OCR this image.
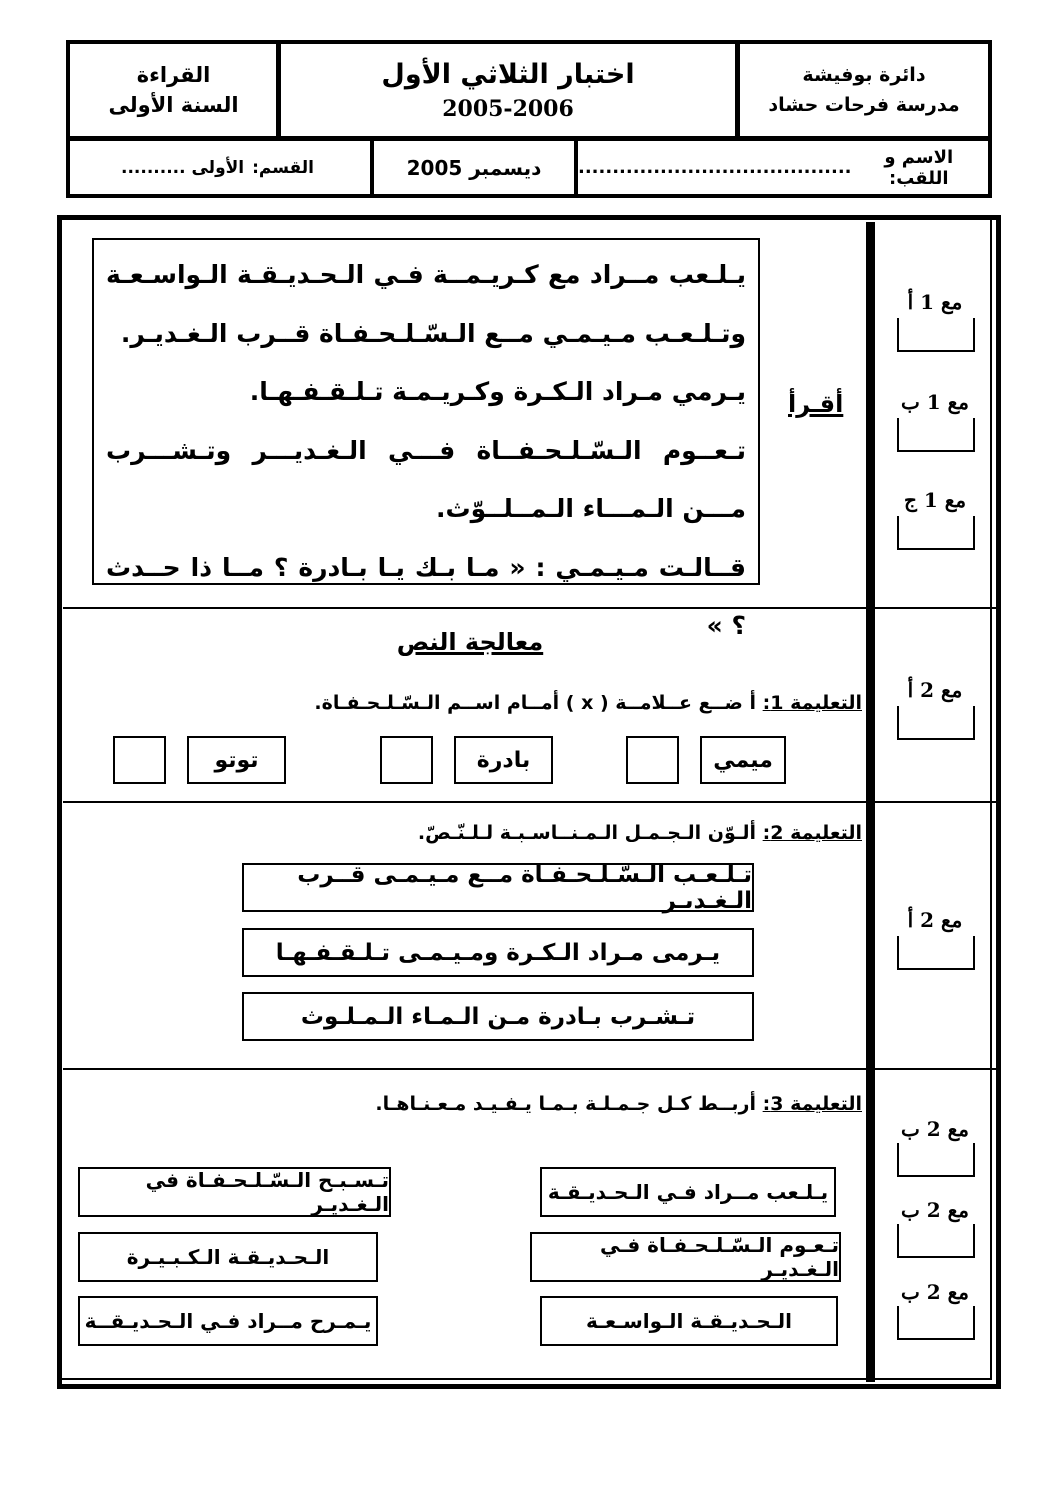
دائرة بوفيشة
مدرسة فرحات حشاد
اختبار الثلاثي الأول
2005-2006
القراءة
السنة الأولى
الاسم و اللقب:
........................................
ديسمبر 2005
القسم:
الأولى ..........

يـلـعب مــراد مع كـريـمــة فـي الـحـديـقـة الـواسـعـة وتـلـعـب مـيـمـي مــع الـسّـلـحـفـاة قــرب الـغـديـر.

يـرمي مـراد الـكـرة وكـريـمـة تـلـقـفـهـا.

تـعــوم الـسّـلـحـفــاة فـــي الـغـديـــر وتـشـــرب مـــن الـمـــاء الـمــلــوّث.

قــالـت مـيـمـي : « مـا بـك يـا بـادرة ؟ مــا ذا حــدث ؟ »

أقـرأ
مع 1 أ
مع 1 ب
مع 1 ج
معالجة النص
التعليمة 1: أ ضــع عــلامــة ( x ) أمــام اســم الـسّـلـحـفـاة.
ميمي
بادرة
توتو
مع 2 أ
التعليمة 2: ألـوّن الـجـمـل الـمـنــاسـبـة لـلـنّـصّ.
تـلـعـب الـسّـلـحـفـاة مــع مـيـمـى قــرب الـغـديـر
يـرمى مـراد الـكـرة ومـيـمـى تـلـقـفـهـا
تـشـرب بـادرة مـن الـمـاء الـمـلـوث
مع 2 أ
التعليمة 3: أربــط كـل جـمـلـة بـمـا يـفـيـد مـعـنـاهـا.
يـلـعب مــراد فـي الـحـديـقـة
تـعـوم الـسّـلـحـفـاة فـي الـغـديـر
الـحـديـقـة الـواسـعـة
تـسـبـح الـسّـلـحـفـاة في الـغـديـر
الـحـديـقـة الـكـبـيـرة
يـمـرح مــراد فـي الـحـديـقــة
مع 2 ب
مع 2 ب
مع 2 ب
